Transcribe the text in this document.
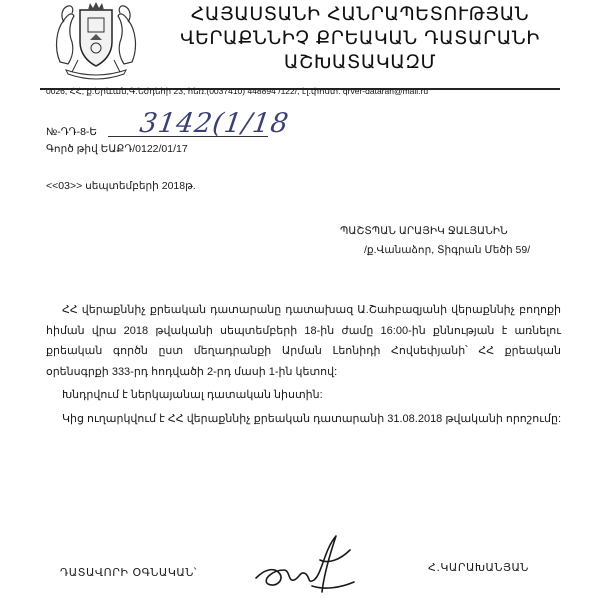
ՀԱՅԱՍՏԱՆԻ ՀԱՆՐԱՊԵՏՈՒԹՅԱՆ
ՎԵՐԱՔՆՆԻՉ ՔՐԵԱԿԱՆ ԴԱՏԱՐԱՆԻ
ԱՇԽԱՏԱԿԱԶՄ
0026, ՀՀ, ք.Երևան,Գ.Նժդեհի 23, հեռ.(0037410) 448894 /122/, էլ.փոստ. qrver-dataran@mail.ru
№-ԴԴ-8-Ե 3142(1/18
Գործ թիվ ԵԱՔԴ/0122/01/17
<<03>> սեպտեմբերի 2018թ.
ՊԱՇՏՊԱՆ ԱՐԱՅԻԿ ՋԱԼՅԱՆԻՆ
/ք.Վանաձոր, Տիգրան Մեծի 59/

ՀՀ վերաքննիչ քրեական դատարանը դատախազ Ա.Շահբազյանի վերաքննիչ բողոքի հիման վրա 2018 թվականի սեպտեմբերի 18-ին ժամը 16:00-ին քննության է առնելու քրեական գործն ըստ մեղադրանքի Արման Լեոնիդի Հովսեփյանի՝ ՀՀ քրեական օրենսգրքի 333-րդ հոդվածի 2-րդ մասի 1-ին կետով:

Խնդրվում է ներկայանալ դատական նիստին:

Կից ուղարկվում է ՀՀ վերաքննիչ քրեական դատարանի 31.08.2018 թվականի որոշումը:

ԴԱՏԱՎՈՐԻ ՕԳՆԱԿԱՆ՝	Հ.ԿԱՐԱԽԱՆՅԱՆ
